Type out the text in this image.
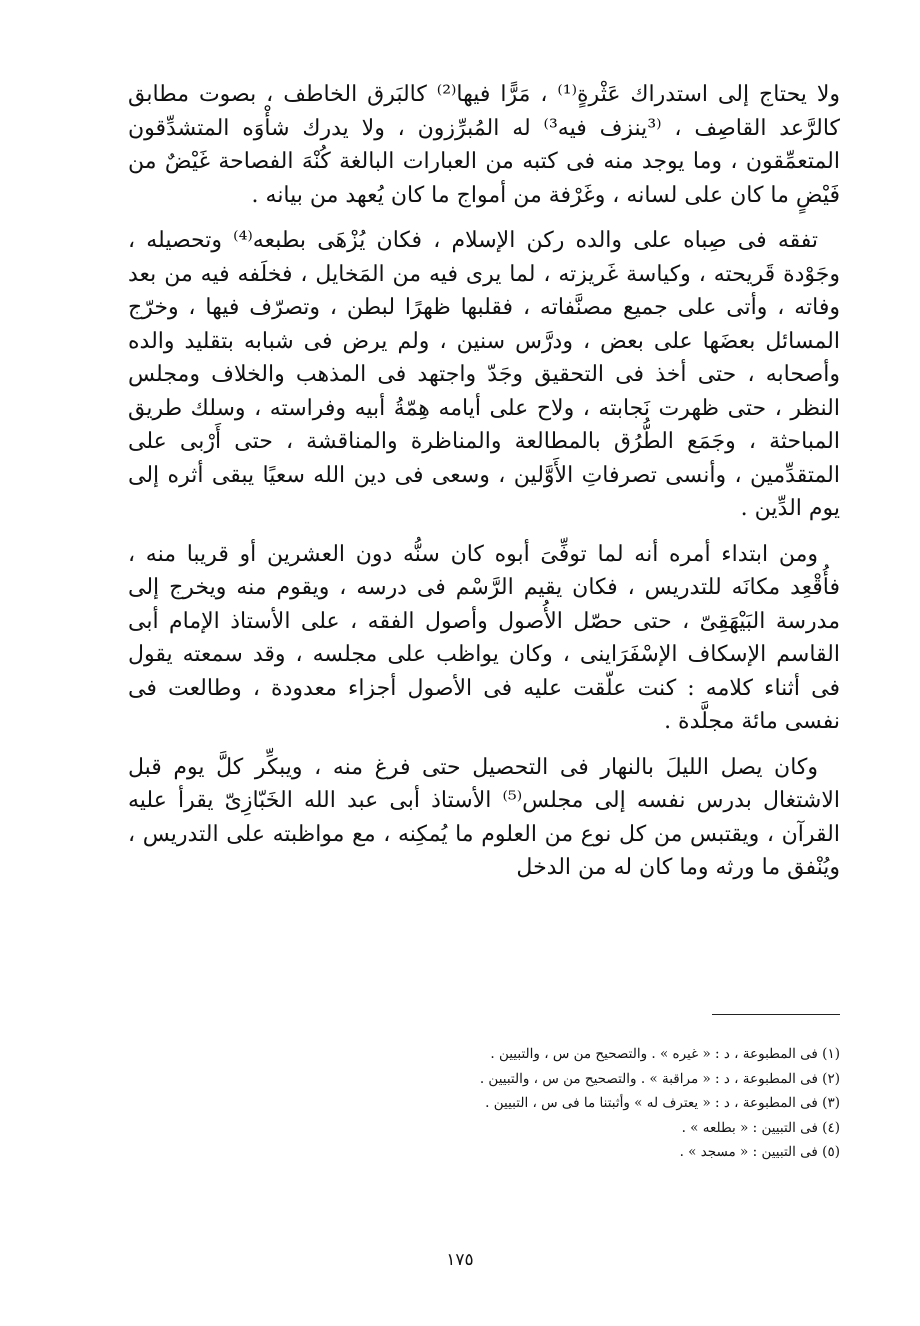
ولا يحتاج إلى استدراك عَثْرةٍ⁽¹⁾ ، مَرًّا فيها⁽²⁾ كالبَرق الخاطف ، بصوت مطابق كالرَّعد القاصِف ، ⁽³ينزف فيه³⁾ له المُبرِّزون ، ولا يدرك شأْوَه المتشدِّقون المتعمِّقون ، وما يوجد منه فى كتبه من العبارات البالغة كُنْهَ الفصاحة غَيْضٌ من فَيْضٍ ما كان على لسانه ، وغَرْفة من أمواج ما كان يُعهد من بيانه .

تفقه فى صِباه على والده ركن الإسلام ، فكان يُزْهَى بطبعه⁽⁴⁾ وتحصيله ، وجَوْدة قَريحته ، وكياسة غَريزته ، لما يرى فيه من المَخايل ، فخلَفه فيه من بعد وفاته ، وأتى على جميع مصنَّفاته ، فقلبها ظهرًا لبطن ، وتصرّف فيها ، وخرّج المسائل بعضَها على بعض ، ودرَّس سنين ، ولم يرض فى شبابه بتقليد والده وأصحابه ، حتى أخذ فى التحقيق وجَدّ واجتهد فى المذهب والخلاف ومجلس النظر ، حتى ظهرت نَجابته ، ولاح على أيامه هِمّةُ أبيه وفراسته ، وسلك طريق المباحثة ، وجَمَع الطُّرُق بالمطالعة والمناظرة والمناقشة ، حتى أَرْبى على المتقدِّمين ، وأنسى تصرفاتِ الأَوَّلين ، وسعى فى دين الله سعيًا يبقى أثره إلى يوم الدِّين .

ومن ابتداء أمره أنه لما توفِّىَ أبوه كان سنُّه دون العشرين أو قريبا منه ، فأُقْعِد مكانَه للتدريس ، فكان يقيم الرَّسْم فى درسه ، ويقوم منه ويخرج إلى مدرسة البَيْهَقِىّ ، حتى حصّل الأُصول وأصول الفقه ، على الأستاذ الإمام أبى القاسم الإسكاف الإسْفَرَاينى ، وكان يواظب على مجلسه ، وقد سمعته يقول فى أثناء كلامه : كنت علّقت عليه فى الأصول أجزاء معدودة ، وطالعت فى نفسى مائة مجلَّدة .

وكان يصل الليلَ بالنهار فى التحصيل حتى فرغ منه ، ويبكِّر كلَّ يوم قبل الاشتغال بدرس نفسه إلى مجلس⁽⁵⁾ الأستاذ أبى عبد الله الخَبّازِىّ يقرأ عليه القرآن ، ويقتبس من كل نوع من العلوم ما يُمكِنه ، مع مواظبته على التدريس ، ويُنْفق ما ورثه وما كان له من الدخل

(١) فى المطبوعة ، د : « غيره » . والتصحيح من س ، والتبيين .

(٢) فى المطبوعة ، د : « مراقبة » . والتصحيح من س ، والتبيين .

(٣) فى المطبوعة ، د : « يعترف له » وأثبتنا ما فى س ، التبيين .

(٤) فى التبيين : « بطلعه » .

(٥) فى التبيين : « مسجد » .

١٧٥
